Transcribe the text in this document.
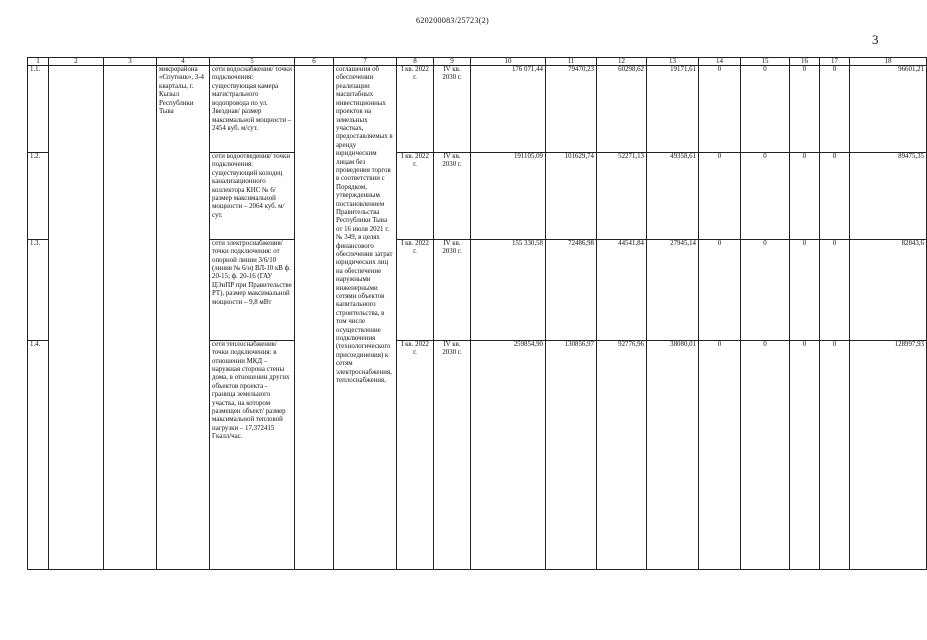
620200083/25723(2)
3
1	2	3	4	5	6	7	8	9	10	11	12	13	14	15	16	17	18
1.1.			микрорайона «Спутник», 3-4 кварталы, г. Кызыл Республики Тыва	сети водоснабжения/ точки подключения: существующая камера магистрального водопровода по ул. Звездная/ размер максимальной мощности – 2454 куб. м/сут.		соглашения об обеспечении реализации масштабных инвестиционных проектов на земельных участках, предоставляемых в аренду юридическим лицам без проведения торгов в соответствии с Порядком, утвержденным постановлением Правительства Республики Тыва от 16 июля 2021 г. № 349, в целях финансового обеспечения затрат юридических лиц на обеспечение наружными инженерными сетями объектов капитального строительства, в том числе осуществление подключения (технологического присоединения) к сетям электроснабжения, теплоснабжения,	I кв. 2022 г.	IV кв. 2030 г.	176 071,44	79470,23	60298,62	19171,61	0	0	0	0	96601,21
1.2.				сети водоотведения/ точки подключения: существующий колодец канализационного коллектора КНС № 6/ размер максимальной мощности – 2064 куб. м/сут.			I кв. 2022 г.	IV кв. 2030 г.	191105,09	101629,74	52271,13	49358,61	0	0	0	0	89475,35
1.3.				сети электроснабжения/ точки подключения: от опорной линии 3/6/10 (линия № 6/н) ВЛ-10 кВ ф. 20-15; ф. 20-16 (ГАУ ЦЭиПР при Правительстве РТ), размер максимальной мощности – 9,8 мВт			I кв. 2022 г.	IV кв. 2030 г.	155 330,58	72486,98	44541,84	27945,14	0	0	0	0	82843,6
1.4.				сети теплоснабжения/ точки подключения: в отношении МКД – наружная сторона стены дома, в отношении других объектов проекта - граница земельного участка, на котором размещен объект/ размер максимальной тепловой нагрузки – 17,372415 Гкалл/час.			I кв. 2022 г.	IV кв. 2030 г.	259854,90	130856,97	92776,96	38080,01	0	0	0	0	128997,93
